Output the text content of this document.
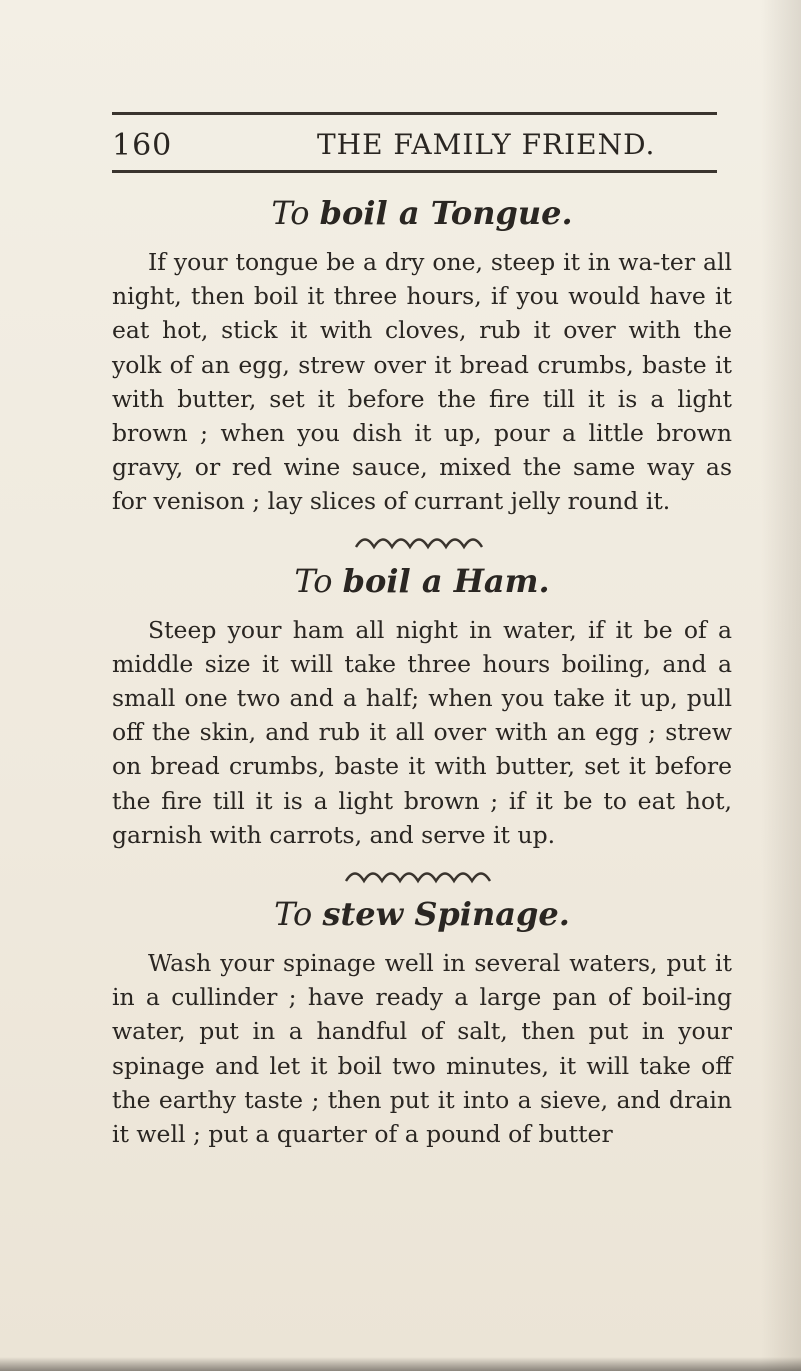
160	THE FAMILY FRIEND.
To boil a Tongue.

If your tongue be a dry one, steep it in wa-ter all night, then boil it three hours, if you would have it eat hot, stick it with cloves, rub it over with the yolk of an egg, strew over it bread crumbs, baste it with butter, set it before the fire till it is a light brown ; when you dish it up, pour a little brown gravy, or red wine sauce, mixed the same way as for venison ; lay slices of currant jelly round it.

To boil a Ham.

Steep your ham all night in water, if it be of a middle size it will take three hours boiling, and a small one two and a half; when you take it up, pull off the skin, and rub it all over with an egg ; strew on bread crumbs, baste it with butter, set it before the fire till it is a light brown ; if it be to eat hot, garnish with carrots, and serve it up.

To stew Spinage.

Wash your spinage well in several waters, put it in a cullinder ; have ready a large pan of boil-ing water, put in a handful of salt, then put in your spinage and let it boil two minutes, it will take off the earthy taste ; then put it into a sieve, and drain it well ; put a quarter of a pound of butter
